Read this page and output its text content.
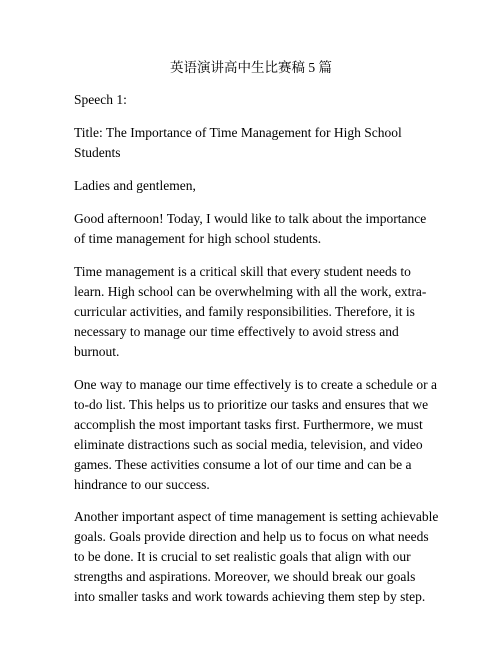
英语演讲高中生比赛稿 5 篇
Speech 1:
Title: The Importance of Time Management for High School
Students
Ladies and gentlemen,
Good afternoon! Today, I would like to talk about the importance
of time management for high school students.
Time management is a critical skill that every student needs to
learn. High school can be overwhelming with all the work, extra-
curricular activities, and family responsibilities. Therefore, it is
necessary to manage our time effectively to avoid stress and
burnout.
One way to manage our time effectively is to create a schedule or a
to-do list. This helps us to prioritize our tasks and ensures that we
accomplish the most important tasks first. Furthermore, we must
eliminate distractions such as social media, television, and video
games. These activities consume a lot of our time and can be a
hindrance to our success.
Another important aspect of time management is setting achievable
goals. Goals provide direction and help us to focus on what needs
to be done. It is crucial to set realistic goals that align with our
strengths and aspirations. Moreover, we should break our goals
into smaller tasks and work towards achieving them step by step.
